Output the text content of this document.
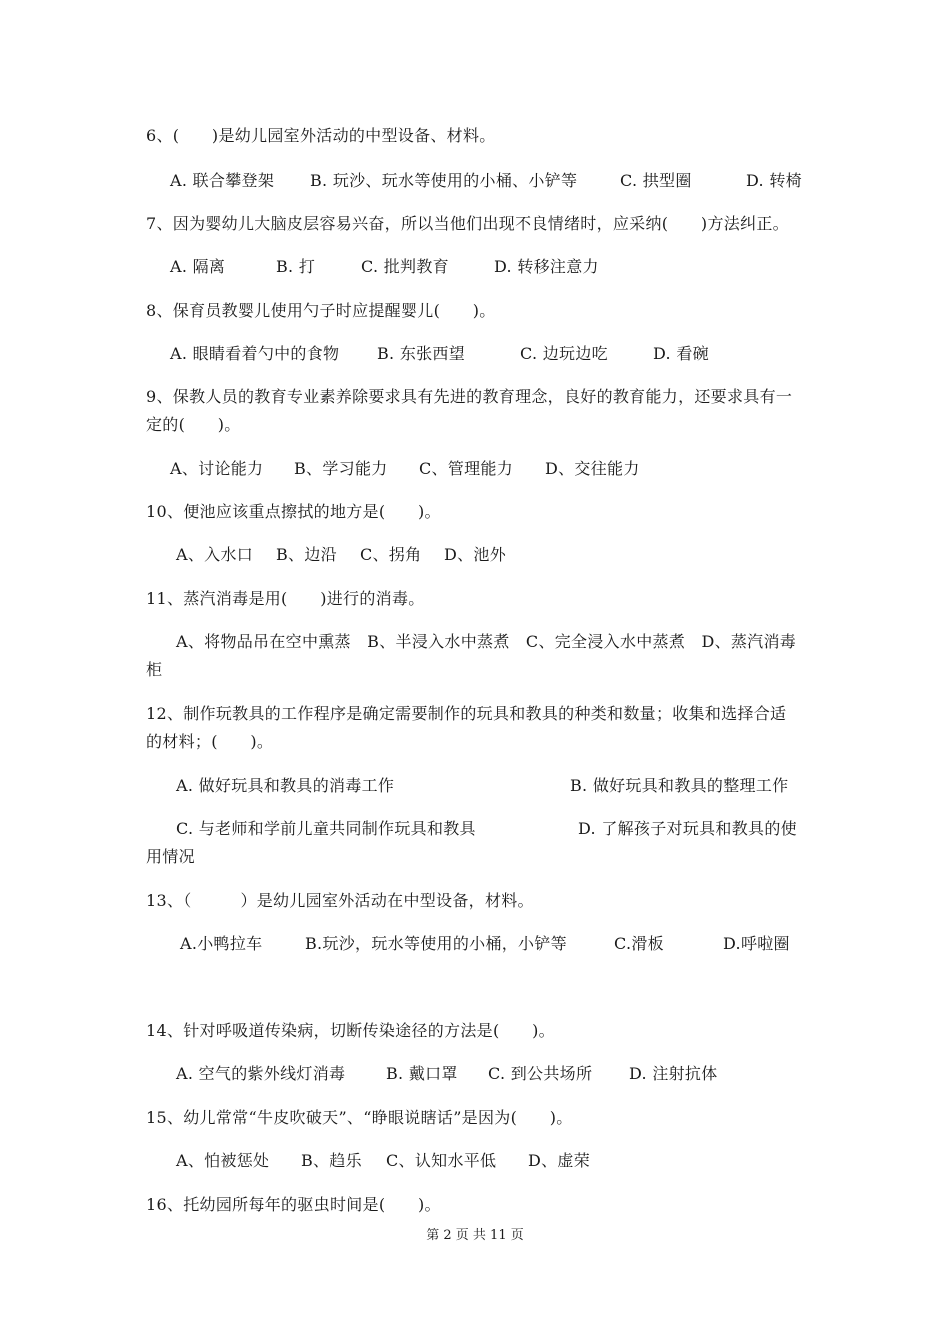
6、(　　)是幼儿园室外活动的中型设备、材料。
A. 联合攀登架 B. 玩沙、玩水等使用的小桶、小铲等	C. 拱型圈	D. 转椅
7、因为婴幼儿大脑皮层容易兴奋，所以当他们出现不良情绪时，应采纳(　　)方法纠正。
A. 隔离	B. 打	C. 批判教育	D. 转移注意力
8、保育员教婴儿使用勺子时应提醒婴儿(　　)。
A. 眼睛看着勺中的食物 B. 东张西望	C. 边玩边吃	D. 看碗
9、保教人员的教育专业素养除要求具有先进的教育理念，良好的教育能力，还要求具有一
定的(　　)。
A、讨论能力 B、学习能力 C、管理能力 D、交往能力
10、便池应该重点擦拭的地方是(　　)。
A、入水口 B、边沿 C、拐角 D、池外
11、蒸汽消毒是用(　　)进行的消毒。
A、将物品吊在空中熏蒸　B、半浸入水中蒸煮　C、完全浸入水中蒸煮　D、蒸汽消毒
柜
12、制作玩教具的工作程序是确定需要制作的玩具和教具的种类和数量；收集和选择合适
的材料；(　　)。
A. 做好玩具和教具的消毒工作	B. 做好玩具和教具的整理工作
C. 与老师和学前儿童共同制作玩具和教具	D. 了解孩子对玩具和教具的使
用情况
13、（　　　）是幼儿园室外活动在中型设备，材料。
A.小鸭拉车	B.玩沙，玩水等使用的小桶，小铲等	C.滑板	D.呼啦圈
14、针对呼吸道传染病，切断传染途径的方法是(　　)。
A. 空气的紫外线灯消毒	B. 戴口罩 C. 到公共场所 D. 注射抗体
15、幼儿常常“牛皮吹破天”、“睁眼说瞎话”是因为(　　)。
A、怕被惩处 B、趋乐 C、认知水平低 D、虚荣
16、托幼园所每年的驱虫时间是(　　)。
第 2 页 共 11 页
